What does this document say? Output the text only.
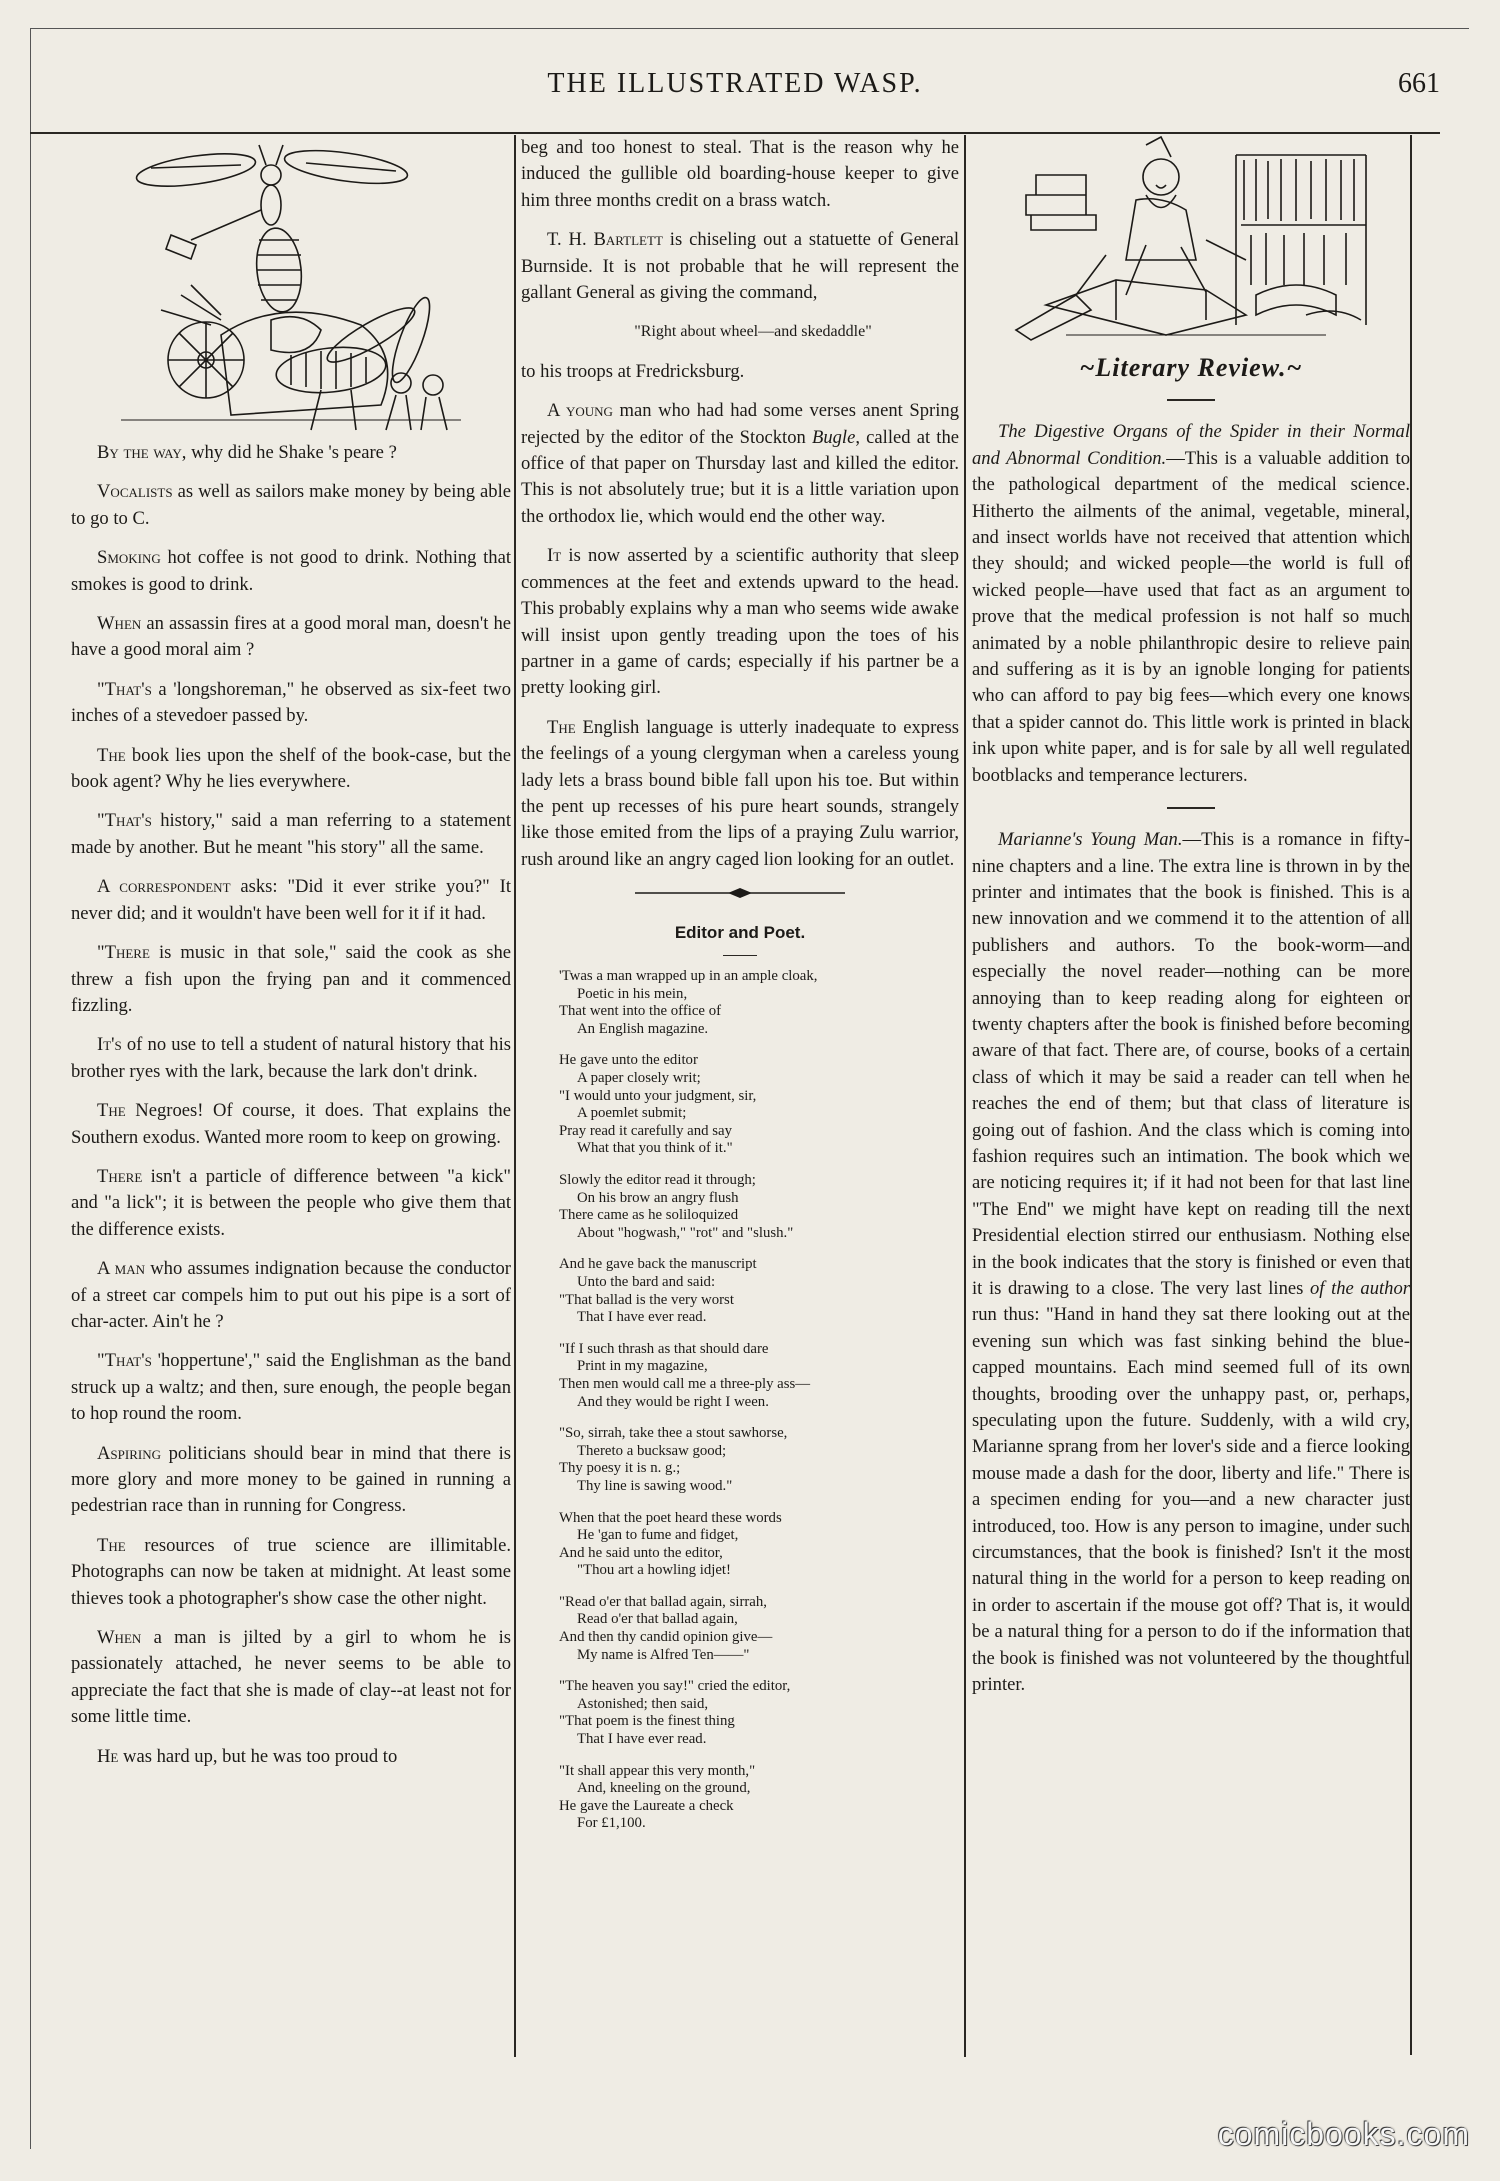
THE ILLUSTRATED WASP.	661

By the way, why did he Shake 's peare ?

Vocalists as well as sailors make money by being able to go to C.

Smoking hot coffee is not good to drink. Nothing that smokes is good to drink.

When an assassin fires at a good moral man, doesn't he have a good moral aim ?

"That's a 'longshoreman," he observed as six-feet two inches of a stevedoer passed by.

The book lies upon the shelf of the book-case, but the book agent? Why he lies everywhere.

"That's history," said a man referring to a statement made by another. But he meant "his story" all the same.

A correspondent asks: "Did it ever strike you?" It never did; and it wouldn't have been well for it if it had.

"There is music in that sole," said the cook as she threw a fish upon the frying pan and it commenced fizzling.

It's of no use to tell a student of natural history that his brother ryes with the lark, because the lark don't drink.

The Negroes! Of course, it does. That explains the Southern exodus. Wanted more room to keep on growing.

There isn't a particle of difference between "a kick" and "a lick"; it is between the people who give them that the difference exists.

A man who assumes indignation because the conductor of a street car compels him to put out his pipe is a sort of char-acter. Ain't he ?

"That's 'hoppertune'," said the Englishman as the band struck up a waltz; and then, sure enough, the people began to hop round the room.

Aspiring politicians should bear in mind that there is more glory and more money to be gained in running a pedestrian race than in running for Congress.

The resources of true science are illimitable. Photographs can now be taken at midnight. At least some thieves took a photographer's show case the other night.

When a man is jilted by a girl to whom he is passionately attached, he never seems to be able to appreciate the fact that she is made of clay--at least not for some little time.

He was hard up, but he was too proud to

beg and too honest to steal. That is the reason why he induced the gullible old boarding-house keeper to give him three months credit on a brass watch.

T. H. Bartlett is chiseling out a statuette of General Burnside. It is not probable that he will represent the gallant General as giving the command,

"Right about wheel—and skedaddle"

to his troops at Fredricksburg.

A young man who had had some verses anent Spring rejected by the editor of the Stockton Bugle, called at the office of that paper on Thursday last and killed the editor. This is not absolutely true; but it is a little variation upon the orthodox lie, which would end the other way.

It is now asserted by a scientific authority that sleep commences at the feet and extends upward to the head. This probably explains why a man who seems wide awake will insist upon gently treading upon the toes of his partner in a game of cards; especially if his partner be a pretty looking girl.

The English language is utterly inadequate to express the feelings of a young clergyman when a careless young lady lets a brass bound bible fall upon his toe. But within the pent up recesses of his pure heart sounds, strangely like those emited from the lips of a praying Zulu warrior, rush around like an angry caged lion looking for an outlet.

Editor and Poet.
'Twas a man wrapped up in an ample cloak,
Poetic in his mein,
That went into the office of
An English magazine.
He gave unto the editor
A paper closely writ;
"I would unto your judgment, sir,
A poemlet submit;
Pray read it carefully and say
What that you think of it."
Slowly the editor read it through;
On his brow an angry flush
There came as he soliloquized
About "hogwash," "rot" and "slush."
And he gave back the manuscript
Unto the bard and said:
"That ballad is the very worst
That I have ever read.
"If I such thrash as that should dare
Print in my magazine,
Then men would call me a three-ply ass—
And they would be right I ween.
"So, sirrah, take thee a stout sawhorse,
Thereto a bucksaw good;
Thy poesy it is n. g.;
Thy line is sawing wood."
When that the poet heard these words
He 'gan to fume and fidget,
And he said unto the editor,
"Thou art a howling idjet!
"Read o'er that ballad again, sirrah,
Read o'er that ballad again,
And then thy candid opinion give—
My name is Alfred Ten——"
"The heaven you say!" cried the editor,
Astonished; then said,
"That poem is the finest thing
That I have ever read.
"It shall appear this very month,"
And, kneeling on the ground,
He gave the Laureate a check
For £1,100.
~Literary Review.~

The Digestive Organs of the Spider in their Normal and Abnormal Condition.—This is a valuable addition to the pathological department of the medical science. Hitherto the ailments of the animal, vegetable, mineral, and insect worlds have not received that attention which they should; and wicked people—the world is full of wicked people—have used that fact as an argument to prove that the medical profession is not half so much animated by a noble philanthropic desire to relieve pain and suffering as it is by an ignoble longing for patients who can afford to pay big fees—which every one knows that a spider cannot do. This little work is printed in black ink upon white paper, and is for sale by all well regulated bootblacks and temperance lecturers.

Marianne's Young Man.—This is a romance in fifty-nine chapters and a line. The extra line is thrown in by the printer and intimates that the book is finished. This is a new innovation and we commend it to the attention of all publishers and authors. To the book-worm—and especially the novel reader—nothing can be more annoying than to keep reading along for eighteen or twenty chapters after the book is finished before becoming aware of that fact. There are, of course, books of a certain class of which it may be said a reader can tell when he reaches the end of them; but that class of literature is going out of fashion. And the class which is coming into fashion requires such an intimation. The book which we are noticing requires it; if it had not been for that last line "The End" we might have kept on reading till the next Presidential election stirred our enthusiasm. Nothing else in the book indicates that the story is finished or even that it is drawing to a close. The very last lines of the author run thus: "Hand in hand they sat there looking out at the evening sun which was fast sinking behind the blue-capped mountains. Each mind seemed full of its own thoughts, brooding over the unhappy past, or, perhaps, speculating upon the future. Suddenly, with a wild cry, Marianne sprang from her lover's side and a fierce looking mouse made a dash for the door, liberty and life." There is a specimen ending for you—and a new character just introduced, too. How is any person to imagine, under such circumstances, that the book is finished? Isn't it the most natural thing in the world for a person to keep reading on in order to ascertain if the mouse got off? That is, it would be a natural thing for a person to do if the information that the book is finished was not volunteered by the thoughtful printer.

comicbooks.com
